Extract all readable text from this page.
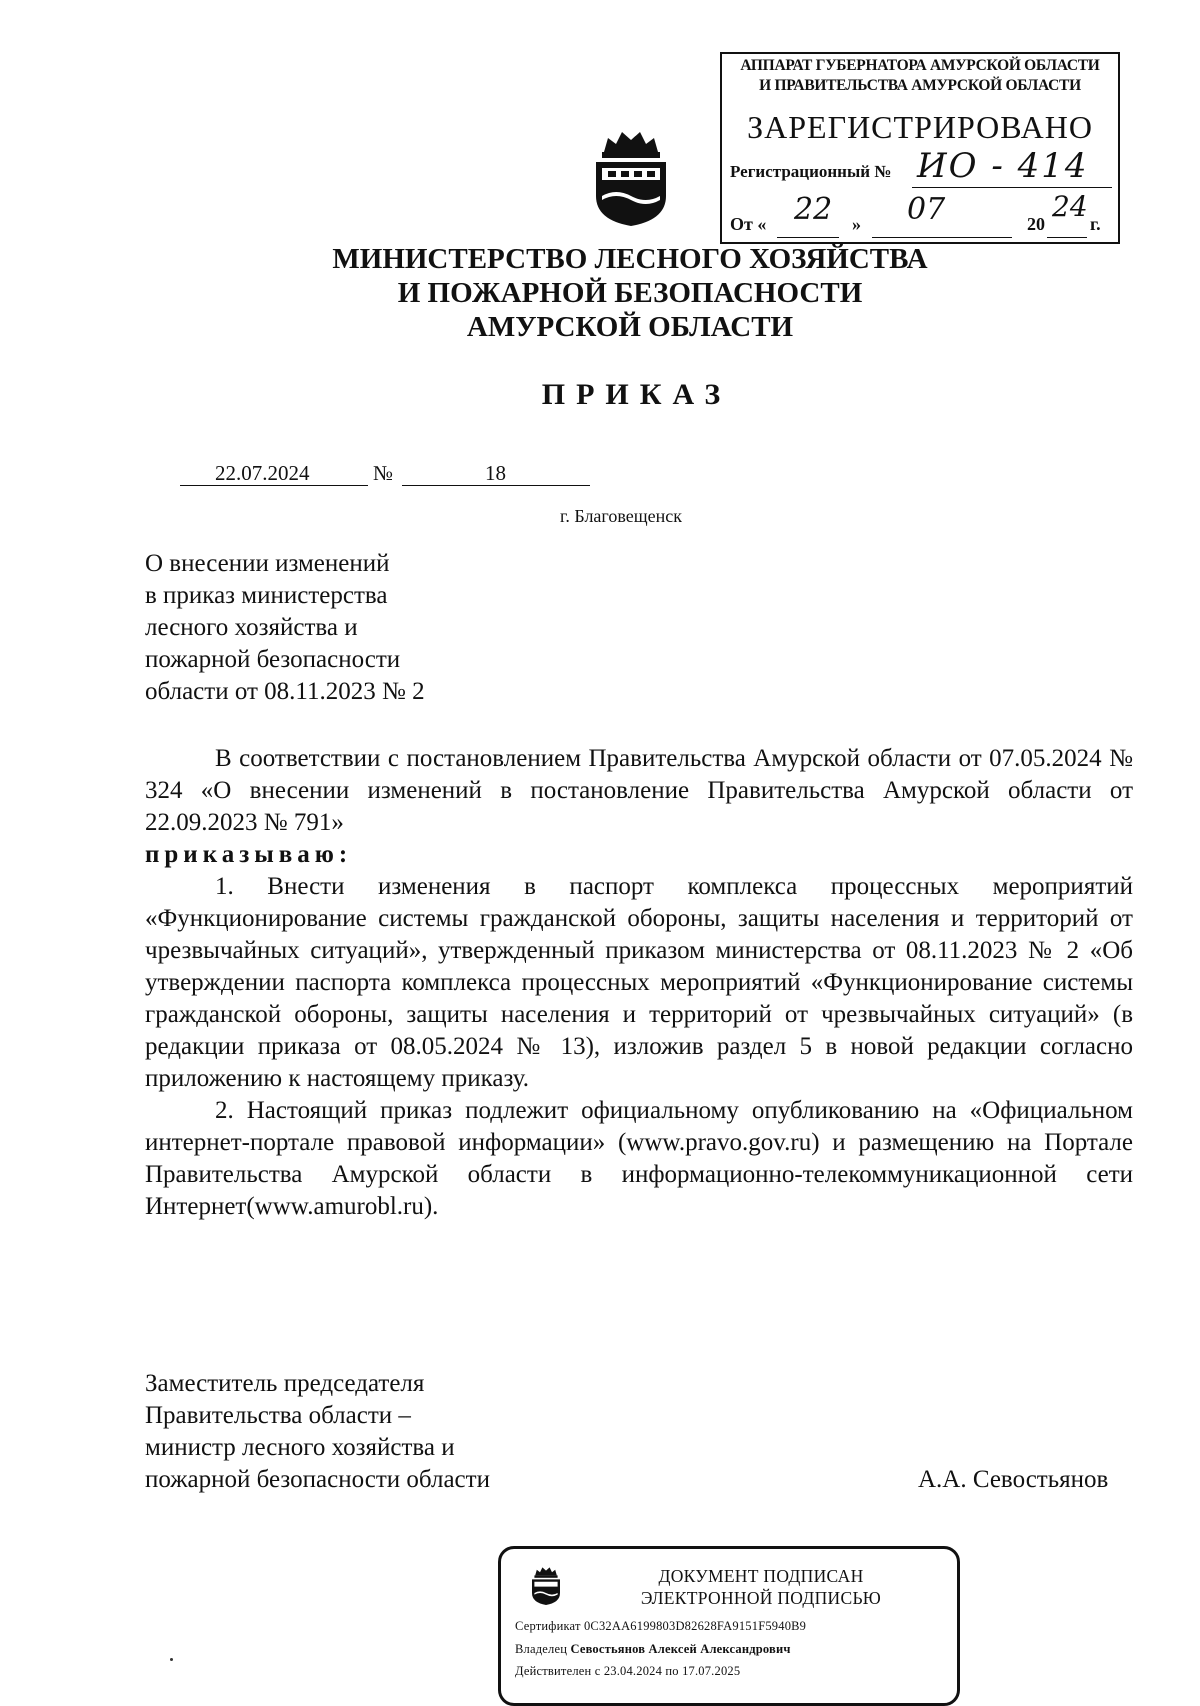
АППАРАТ ГУБЕРНАТОРА АМУРСКОЙ ОБЛАСТИ
И ПРАВИТЕЛЬСТВА АМУРСКОЙ ОБЛАСТИ
ЗАРЕГИСТРИРОВАНО
Регистрационный № ИО - 414
От « 22 » 07	20
24
г.
МИНИСТЕРСТВО ЛЕСНОГО ХОЗЯЙСТВА
И ПОЖАРНОЙ БЕЗОПАСНОСТИ
АМУРСКОЙ ОБЛАСТИ
ПРИКАЗ
22.07.2024	№	18
г. Благовещенск
О внесении изменений
в приказ министерства
лесного хозяйства и
пожарной безопасности
области от 08.11.2023 № 2

В соответствии с постановлением Правительства Амурской области от 07.05.2024 № 324 «О внесении изменений в постановление Правительства Амурской области от 22.09.2023 № 791»

приказываю:

1. Внести изменения в паспорт комплекса процессных мероприятий «Функционирование системы гражданской обороны, защиты населения и территорий от чрезвычайных ситуаций», утвержденный приказом министерства от 08.11.2023 № 2 «Об утверждении паспорта комплекса процессных мероприятий «Функционирование системы гражданской обороны, защиты населения и территорий от чрезвычайных ситуаций» (в редакции приказа от 08.05.2024 № 13), изложив раздел 5 в новой редакции согласно приложению к настоящему приказу.

2. Настоящий приказ подлежит официальному опубликованию на «Официальном интернет-портале правовой информации» (www.pravo.gov.ru) и размещению на Портале Правительства Амурской области в информационно-телекоммуникационной сети Интернет(www.amurobl.ru).

Заместитель председателя
Правительства области –
министр лесного хозяйства и
пожарной безопасности области	А.А. Севостьянов
ДОКУМЕНТ ПОДПИСАН
ЭЛЕКТРОННОЙ ПОДПИСЬЮ
Сертификат 0C32AA6199803D82628FA9151F5940B9
Владелец Севостьянов Алексей Александрович
Действителен с 23.04.2024 по 17.07.2025
